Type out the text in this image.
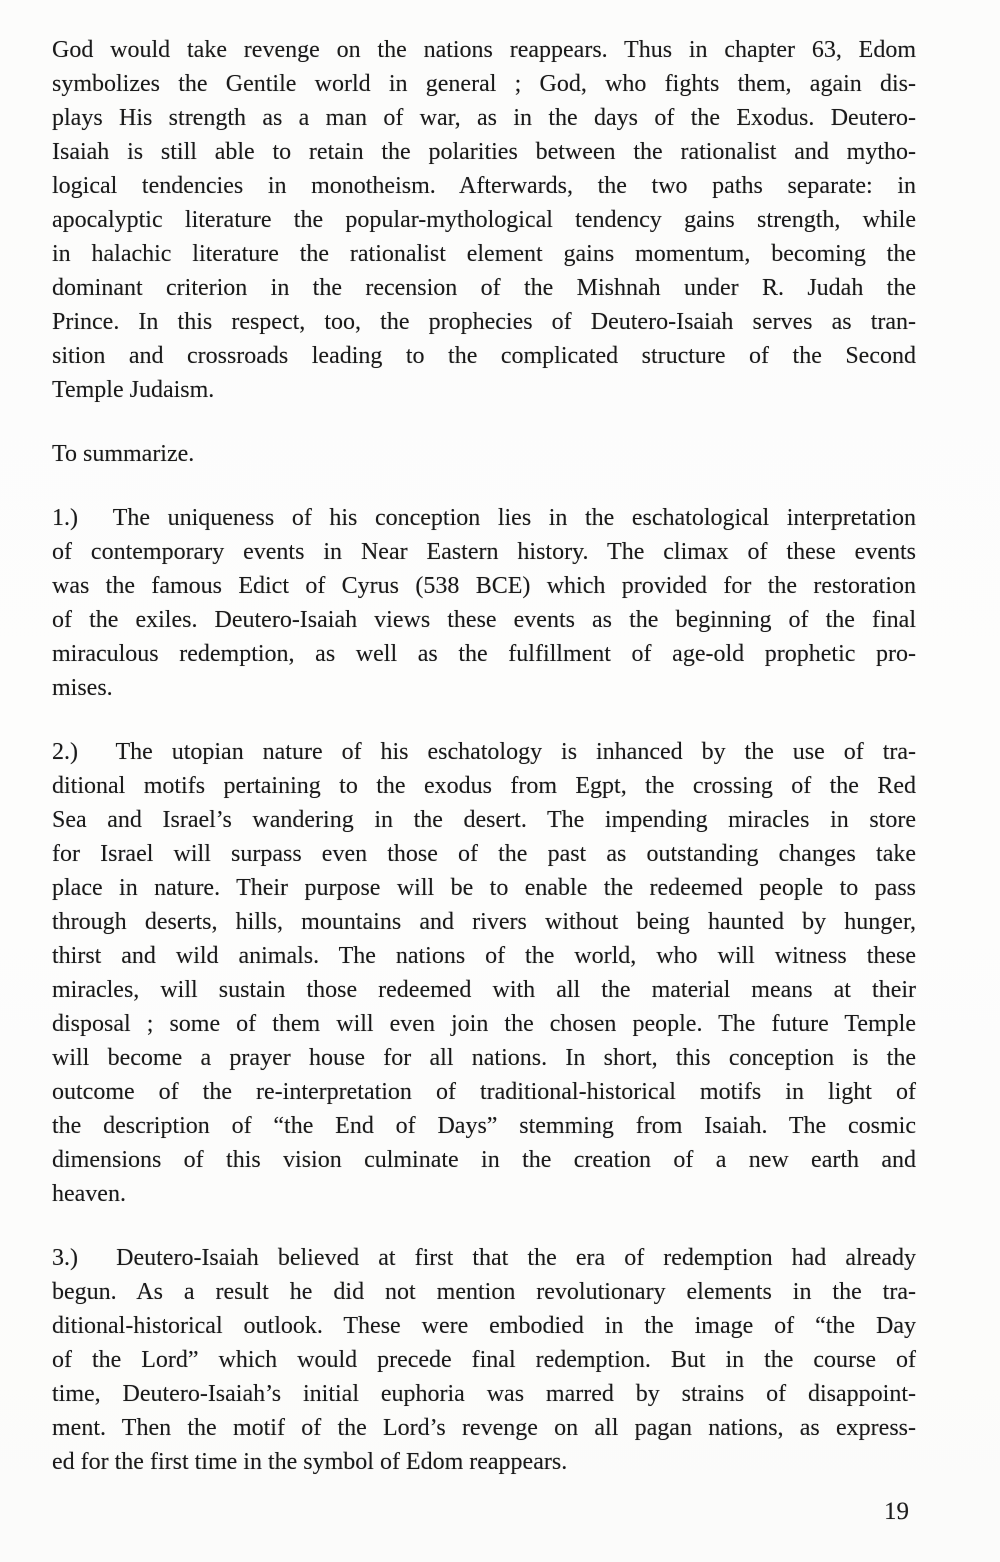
God would take revenge on the nations reappears. Thus in chapter 63, Edom
symbolizes the Gentile world in general ; God, who fights them, again dis-
plays His strength as a man of war, as in the days of the Exodus. Deutero-
Isaiah is still able to retain the polarities between the rationalist and mytho-
logical tendencies in monotheism. Afterwards, the two paths separate: in
apocalyptic literature the popular-mythological tendency gains strength, while
in halachic literature the rationalist element gains momentum, becoming the
dominant criterion in the recension of the Mishnah under R. Judah the
Prince. In this respect, too, the prophecies of Deutero-Isaiah serves as tran-
sition and crossroads leading to the complicated structure of the Second
Temple Judaism.
To summarize.
1.)  The uniqueness of his conception lies in the eschatological interpretation
of contemporary events in Near Eastern history. The climax of these events
was the famous Edict of Cyrus (538 BCE) which provided for the restoration
of the exiles. Deutero-Isaiah views these events as the beginning of the final
miraculous redemption, as well as the fulfillment of age-old prophetic pro-
mises.
2.)  The utopian nature of his eschatology is inhanced by the use of tra-
ditional motifs pertaining to the exodus from Egpt, the crossing of the Red
Sea and Israel’s wandering in the desert. The impending miracles in store
for Israel will surpass even those of the past as outstanding changes take
place in nature. Their purpose will be to enable the redeemed people to pass
through deserts, hills, mountains and rivers without being haunted by hunger,
thirst and wild animals. The nations of the world, who will witness these
miracles, will sustain those redeemed with all the material means at their
disposal ; some of them will even join the chosen people. The future Temple
will become a prayer house for all nations. In short, this conception is the
outcome of the re-interpretation of traditional-historical motifs in light of
the description of “the End of Days” stemming from Isaiah. The cosmic
dimensions of this vision culminate in the creation of a new earth and
heaven.
3.)  Deutero-Isaiah believed at first that the era of redemption had already
begun. As a result he did not mention revolutionary elements in the tra-
ditional-historical outlook. These were embodied in the image of “the Day
of the Lord” which would precede final redemption. But in the course of
time, Deutero-Isaiah’s initial euphoria was marred by strains of disappoint-
ment. Then the motif of the Lord’s revenge on all pagan nations, as express-
ed for the first time in the symbol of Edom reappears.
19
